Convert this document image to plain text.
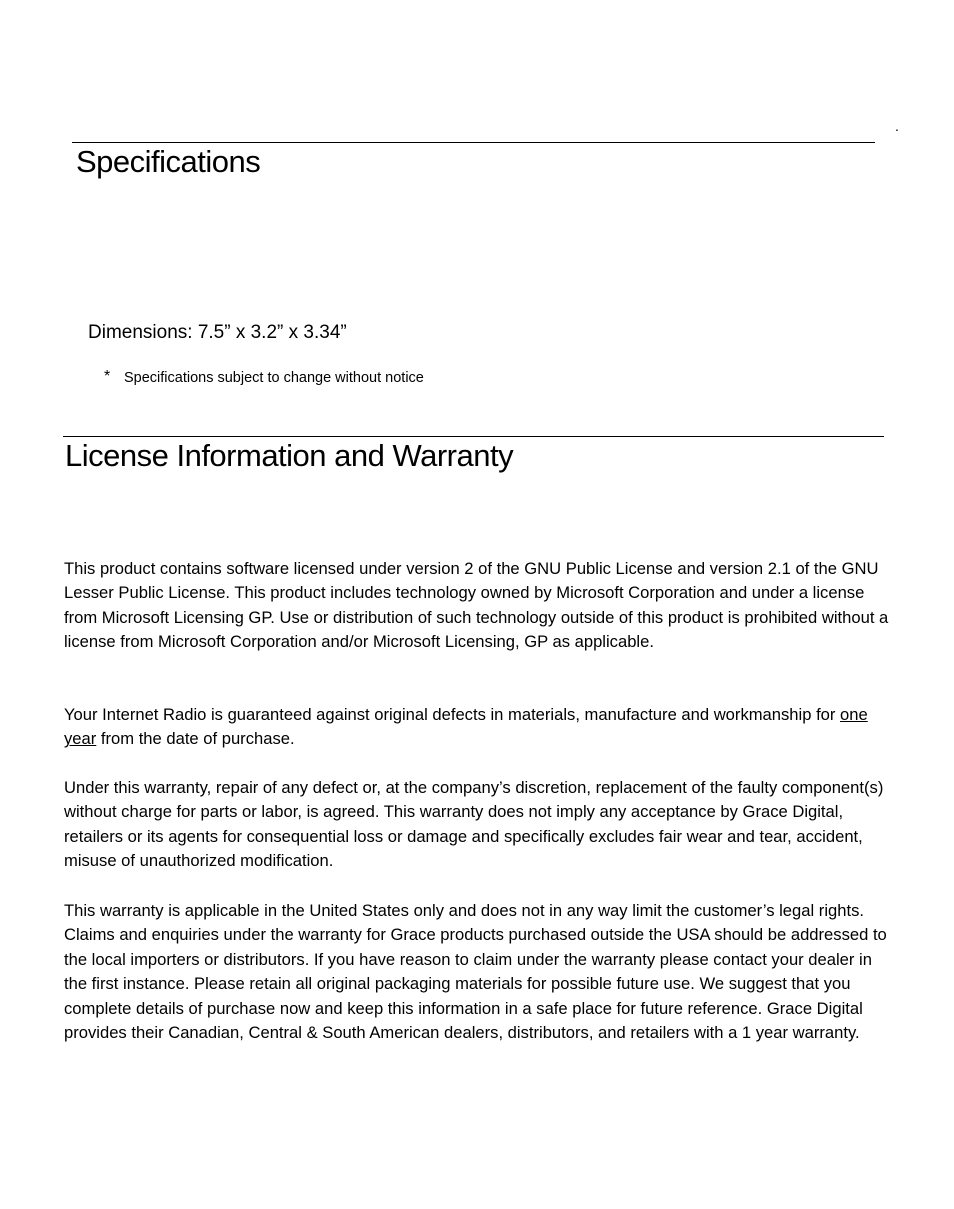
.
Specifications
Dimensions: 7.5” x 3.2” x 3.34”
* Specifications subject to change without notice
License Information and Warranty

This product contains software licensed under version 2 of the GNU Public License and version 2.1 of the GNU Lesser Public License. This product includes technology owned by Microsoft Corporation and under a license from Microsoft Licensing GP. Use or distribution of such technology outside of this product is prohibited without a license from Microsoft Corporation and/or Microsoft Licensing, GP as applicable.

Your Internet Radio is guaranteed against original defects in materials, manufacture and workmanship for one year from the date of purchase.

Under this warranty, repair of any defect or, at the company’s discretion, replacement of the faulty component(s) without charge for parts or labor, is agreed. This warranty does not imply any acceptance by Grace Digital, retailers or its agents for consequential loss or damage and specifically excludes fair wear and tear, accident, misuse of unauthorized modification.

This warranty is applicable in the United States only and does not in any way limit the customer’s legal rights. Claims and enquiries under the warranty for Grace products purchased outside the USA should be addressed to the local importers or distributors. If you have reason to claim under the warranty please contact your dealer in the first instance. Please retain all original packaging materials for possible future use. We suggest that you complete details of purchase now and keep this information in a safe place for future reference. Grace Digital provides their Canadian, Central & South American dealers, distributors, and retailers with a 1 year warranty.
